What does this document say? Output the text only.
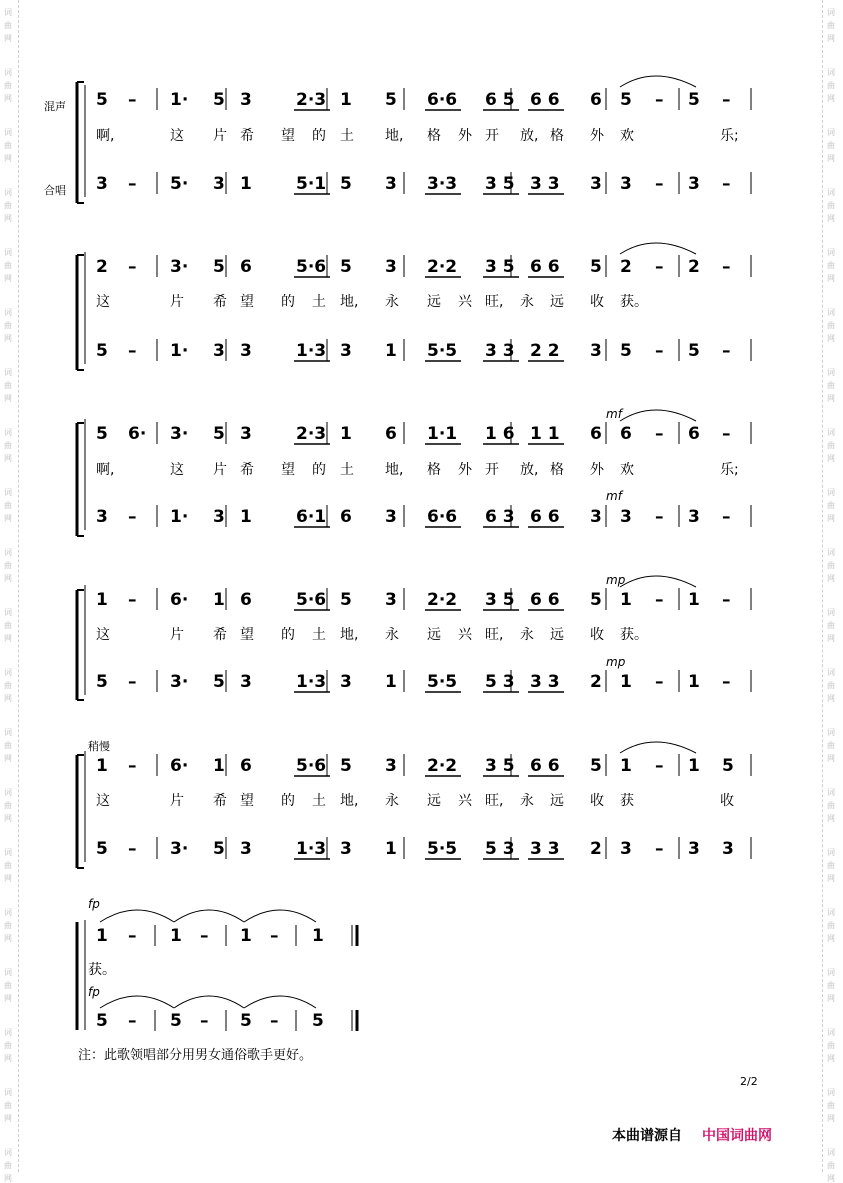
词
曲
网
词
曲
网
词
曲
网
词
曲
网
词
曲
网
词
曲
网
词
曲
网
词
曲
网
词
曲
网
词
曲
网
词
曲
网
词
曲
网
词
曲
网
词
曲
网
词
曲
网
词
曲
网
词
曲
网
词
曲
网
词
曲
网
词
曲
网
词
曲
网
词
曲
网
词
曲
网
词
曲
网
词
曲
网
词
曲
网
词
曲
网
词
曲
网
词
曲
网
词
曲
网
词
曲
网
词
曲
网
词
曲
网
词
曲
网
词
曲
网
词
曲
网
词
曲
网
词
曲
网
词
曲
网
词
曲
网
混声
合唱
5 – 1· 5 3	2·3 1 5 6·6 6 5 6 6 6 5 – 5 –
3 – 5· 3 1	5·1 5 3 3·3 3 5 3 3 3 3 – 3 –
啊,	这 片 希 望 的 土 地, 格 外 开 放, 格 外 欢	乐;
2 – 3· 5 6	5·6 5 3 2·2 3 5 6 6 5 2 – 2 –
5 – 1· 3 3	1·3 3 1 5·5 3 3 2 2 3 5 – 5 –
这	片 希 望 的 土 地, 永 远 兴 旺, 永 远 收 获。
5 6· 3· 5 3	2·3 1 6 1·1 1 6 1 1 6 6 – 6 –
3 – 1· 3 1	6·1 6 3 6·6 6 3 6 6 3 3 – 3 –
啊,	这 片 希 望 的 土 地, 格 外 开 放, 格 外 欢	乐;
1 – 6· 1 6	5·6 5 3 2·2 3 5 6 6 5 1 – 1 –
5 – 3· 5 3	1·3 3 1 5·5 5 3 3 3 2 1 – 1 –
这	片 希 望 的 土 地, 永 远 兴 旺, 永 远 收 获。
1 – 6· 1 6	5·6 5 3 2·2 3 5 6 6 5 1 – 1 5
5 – 3· 5 3	1·3 3 1 5·5 5 3 3 3 2 3 – 3 3
这	片 希 望 的 土 地, 永 远 兴 旺, 永 远 收 获	收
mf
mf
mp
mp
稍慢
fp
fp
1 – 1 – 1 – 1
5 – 5 – 5 – 5
获。
注：此歌领唱部分用男女通俗歌手更好。
2/2
本曲谱源自 中国词曲网
